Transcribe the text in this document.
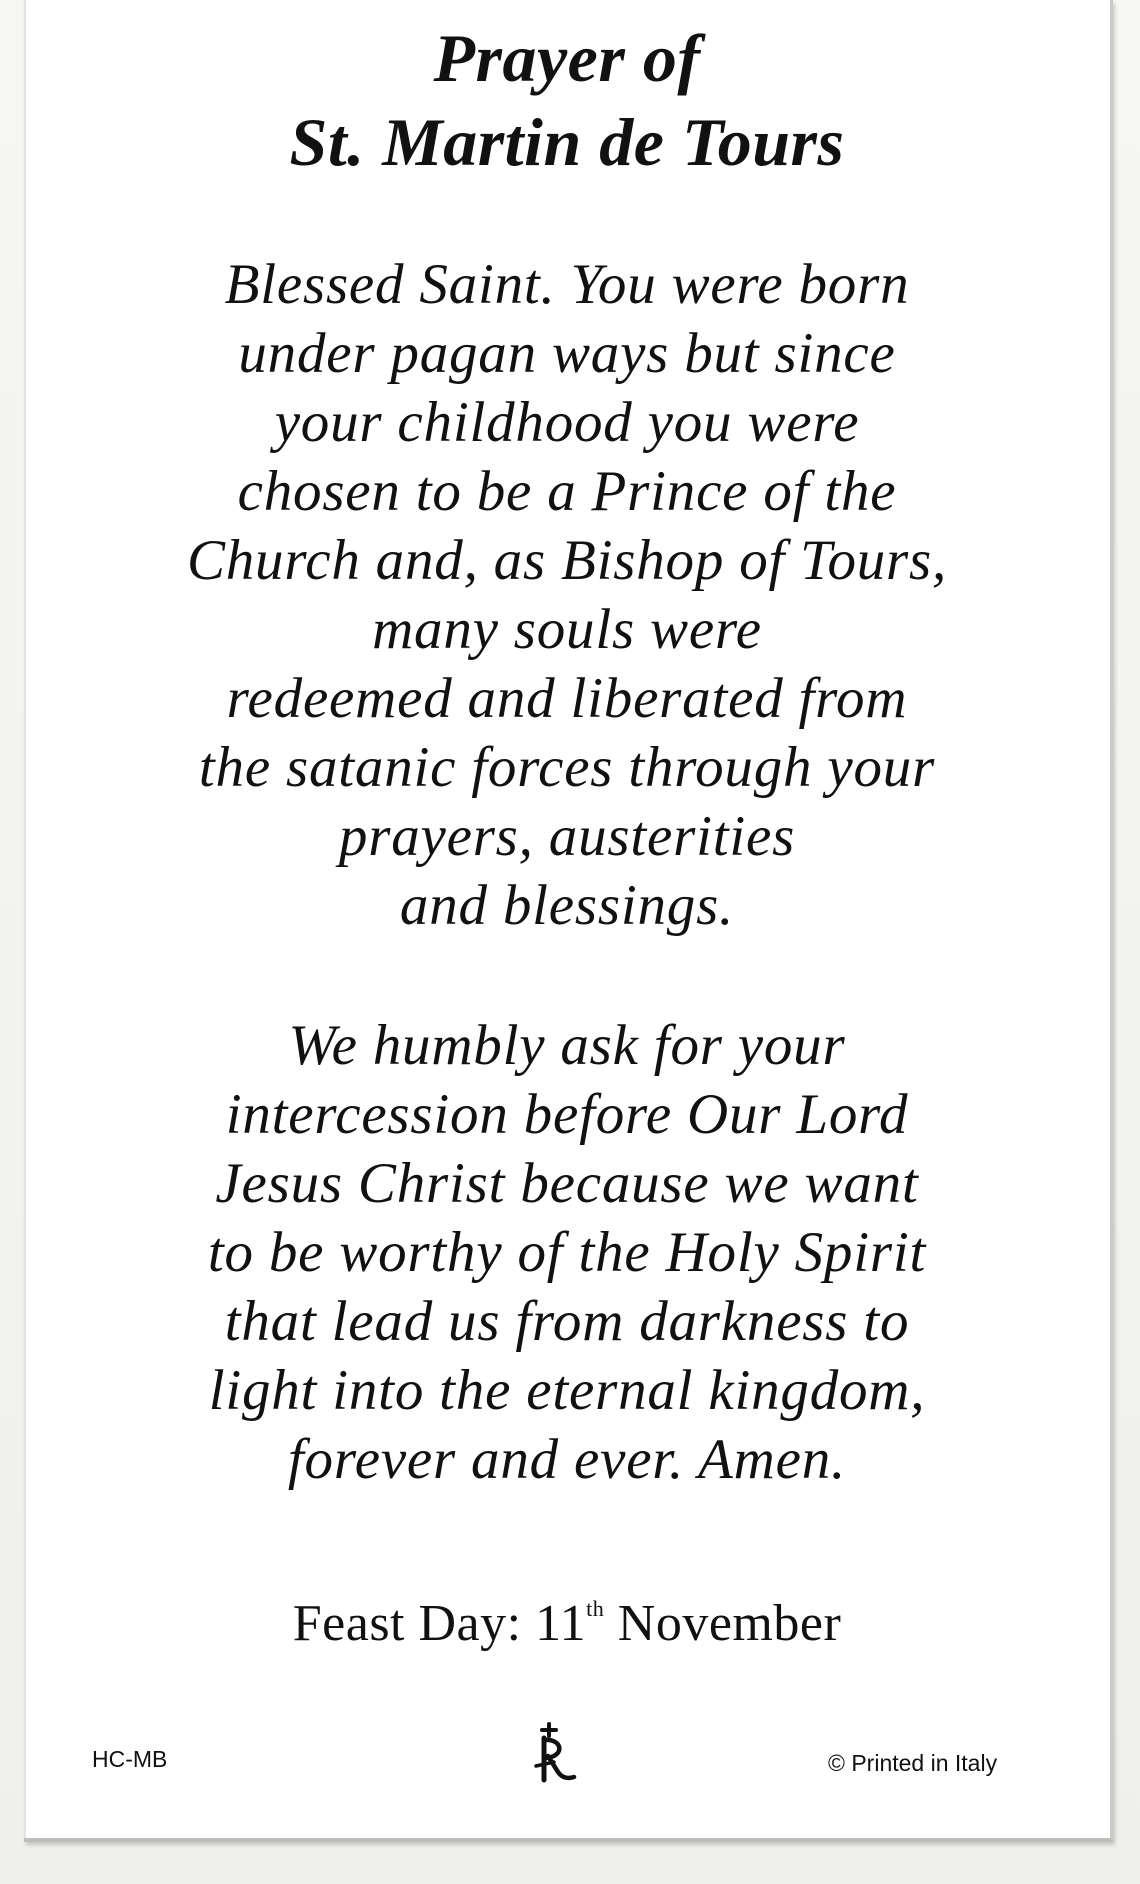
Prayer of
St. Martin de Tours
Blessed Saint. You were born
under pagan ways but since
your childhood you were
chosen to be a Prince of the
Church and, as Bishop of Tours,
many souls were
redeemed and liberated from
the satanic forces through your
prayers, austerities
and blessings.
We humbly ask for your
intercession before Our Lord
Jesus Christ because we want
to be worthy of the Holy Spirit
that lead us from darkness to
light into the eternal kingdom,
forever and ever. Amen.
Feast Day: 11th November
HC-MB	© Printed in Italy
